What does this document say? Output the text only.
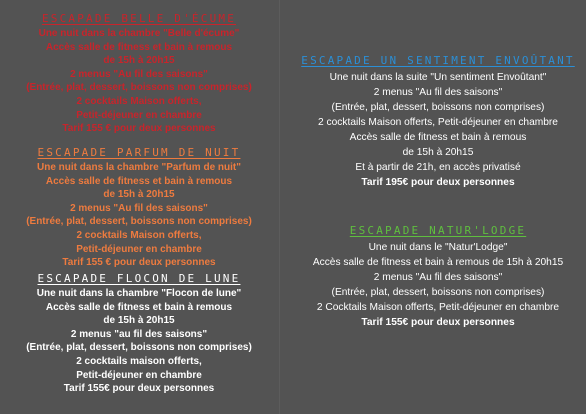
ESCAPADE BELLE D'ÉCUME
Une nuit dans la chambre "Belle d'écume"
Accès salle de fitness et bain à remous
de 15h à 20h15
2 menus "Au fil des saisons"
(Entrée, plat, dessert, boissons non comprises)
2 cocktails Maison offerts,
Petit-déjeuner en chambre
Tarif 155 € pour deux personnes
ESCAPADE PARFUM DE NUIT
Une nuit dans la chambre "Parfum de nuit"
Accès salle de fitness et bain à remous
de 15h à 20h15
2 menus "Au fil des saisons"
(Entrée, plat, dessert, boissons non comprises)
2 cocktails Maison offerts,
Petit-déjeuner en chambre
Tarif 155 € pour deux personnes
ESCAPADE FLOCON DE LUNE
Une nuit dans la chambre "Flocon de lune"
Accès salle de fitness et bain à remous
de 15h à 20h15
2 menus "au fil des saisons"
(Entrée, plat, dessert, boissons non comprises)
2 cocktails maison offerts,
Petit-déjeuner en chambre
Tarif 155€ pour deux personnes
ESCAPADE UN SENTIMENT ENVOÛTANT
Une nuit dans la suite "Un sentiment Envoûtant"
2 menus "Au fil des saisons"
(Entrée, plat, dessert, boissons non comprises)
2 cocktails Maison offerts, Petit-déjeuner en chambre
Accès salle de fitness et bain à remous
de 15h à 20h15
Et à partir de 21h, en accès privatisé
Tarif 195€ pour deux personnes
ESCAPADE NATUR'LODGE
Une nuit dans le "Natur'Lodge"
Accès salle de fitness et bain à remous de 15h à 20h15
2 menus "Au fil des saisons"
(Entrée, plat, dessert, boissons non comprises)
2 Cocktails Maison offerts, Petit-déjeuner en chambre
Tarif 155€ pour deux personnes
